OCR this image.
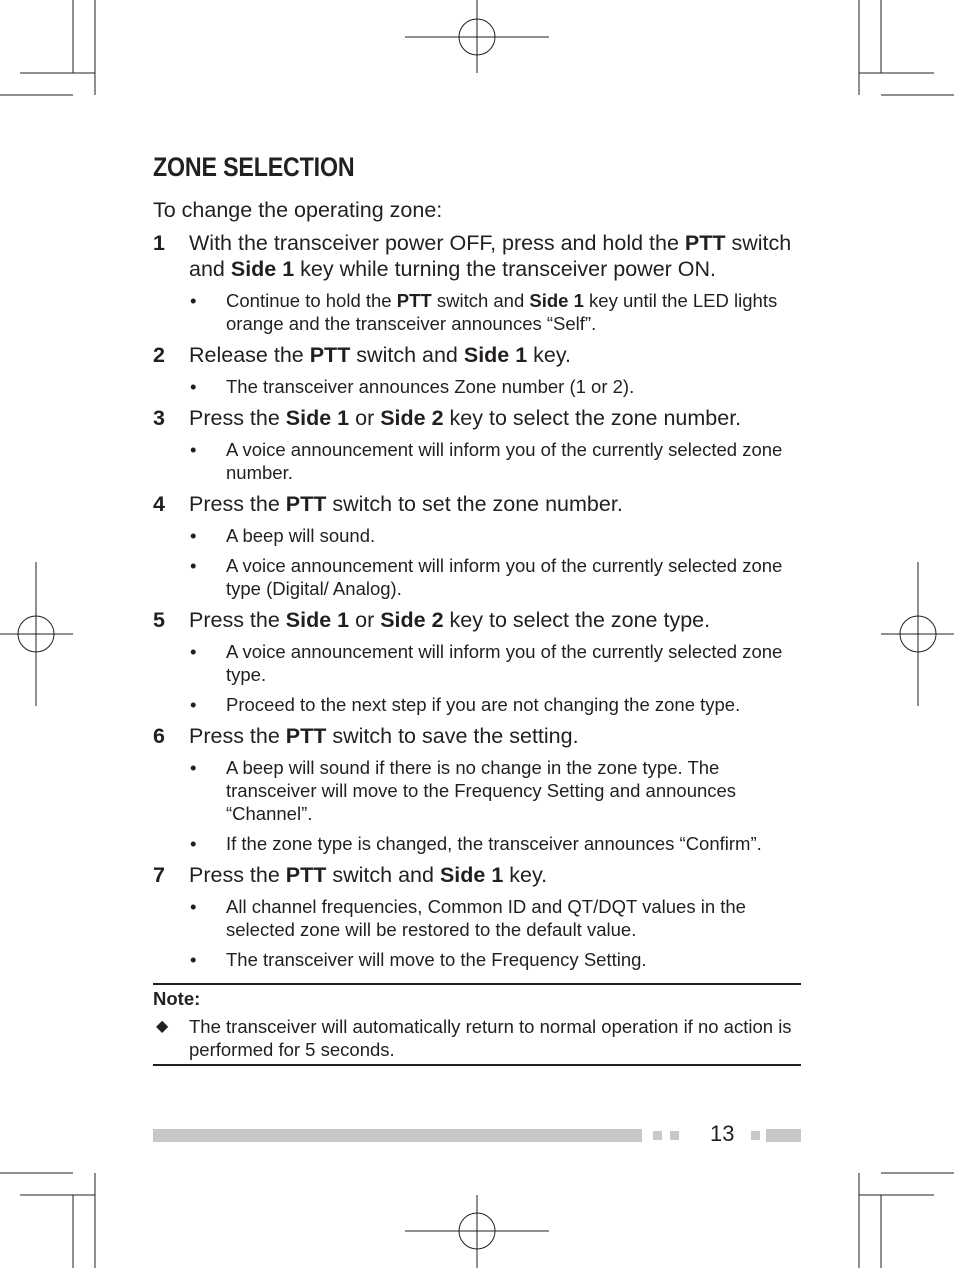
ZONE SELECTION
To change the operating zone:
1 With the transceiver power OFF, press and hold the PTT switch and Side 1 key while turning the transceiver power ON.
• Continue to hold the PTT switch and Side 1 key until the LED lights orange and the transceiver announces “Self”.
2 Release the PTT switch and Side 1 key.
• The transceiver announces Zone number (1 or 2).
3 Press the Side 1 or Side 2 key to select the zone number.
• A voice announcement will inform you of the currently selected zone number.
4 Press the PTT switch to set the zone number.
• A beep will sound.
• A voice announcement will inform you of the currently selected zone type (Digital/ Analog).
5 Press the Side 1 or Side 2 key to select the zone type.
• A voice announcement will inform you of the currently selected zone type.
• Proceed to the next step if you are not changing the zone type.
6 Press the PTT switch to save the setting.
• A beep will sound if there is no change in the zone type. The transceiver will move to the Frequency Setting and announces “Channel”.
• If the zone type is changed, the transceiver announces “Confirm”.
7 Press the PTT switch and Side 1 key.
• All channel frequencies, Common ID and QT/DQT values in the selected zone will be restored to the default value.
• The transceiver will move to the Frequency Setting.
Note:
◆ The transceiver will automatically return to normal operation if no action is performed for 5 seconds.
13
